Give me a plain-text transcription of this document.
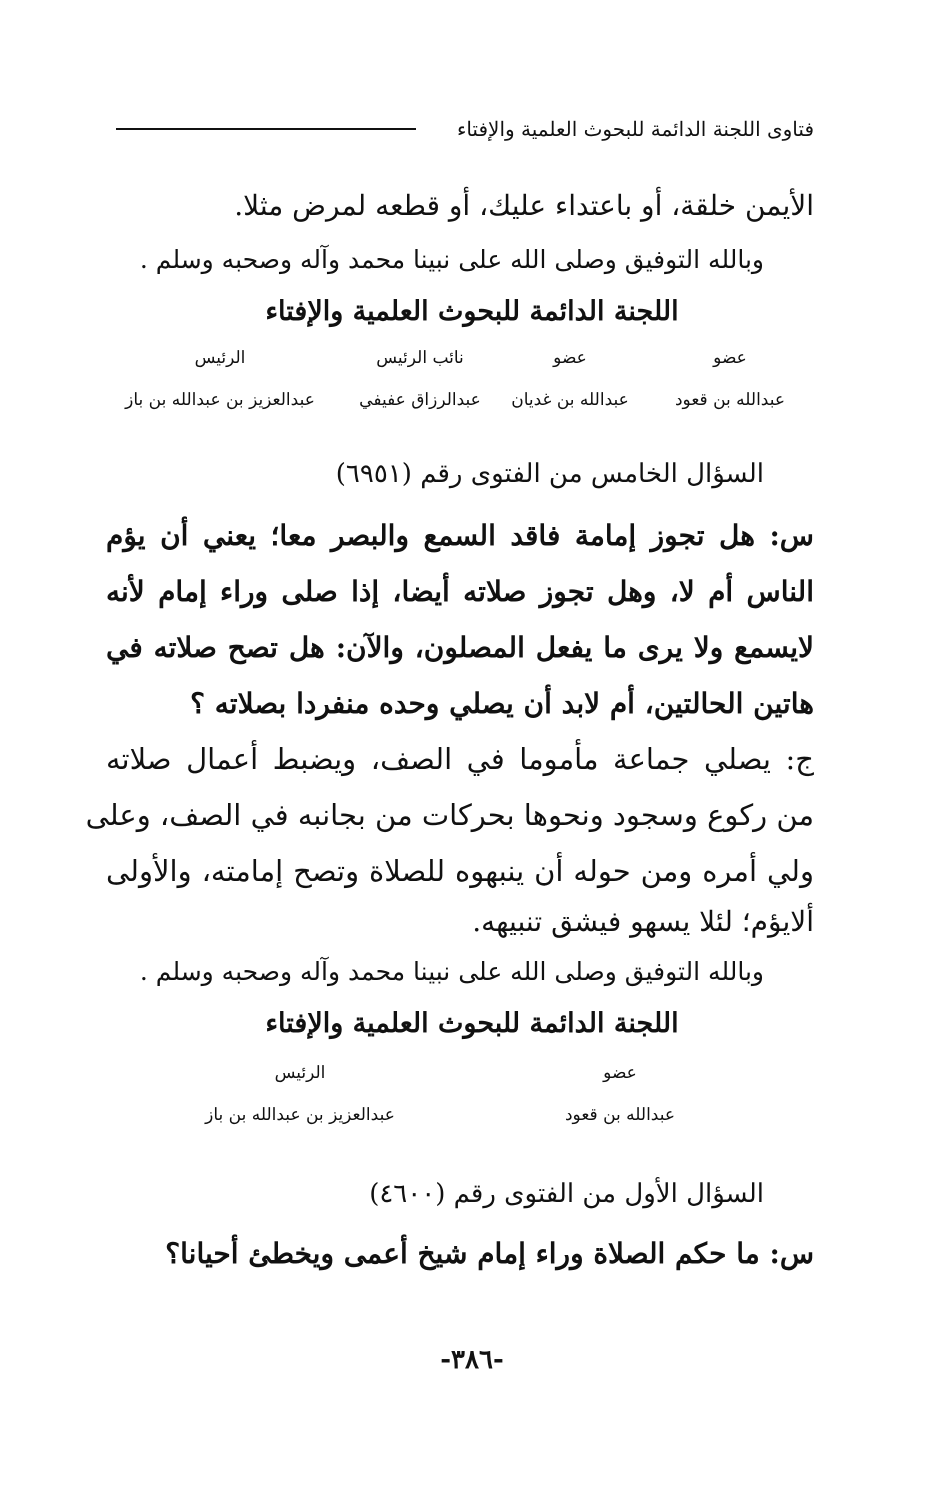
فتاوى اللجنة الدائمة للبحوث العلمية والإفتاء
الأيمن خلقة، أو باعتداء عليك، أو قطعه لمرض مثلا.
وبالله التوفيق وصلى الله على نبينا محمد وآله وصحبه وسلم .
اللجنة الدائمة للبحوث العلمية والإفتاء
عضو
عبدالله بن قعود
عضو
عبدالله بن غديان
نائب الرئيس
عبدالرزاق عفيفي
الرئيس
عبدالعزيز بن عبدالله بن باز
السؤال الخامس من الفتوى رقم (٦٩٥١)
س: هل تجوز إمامة فاقد السمع والبصر معا؛ يعني أن يؤم
الناس أم لا، وهل تجوز صلاته أيضا، إذا صلى وراء إمام لأنه
لايسمع ولا يرى ما يفعل المصلون، والآن: هل تصح صلاته في
هاتين الحالتين، أم لابد أن يصلي وحده منفردا بصلاته ؟
ج: يصلي جماعة مأموما في الصف، ويضبط أعمال صلاته
من ركوع وسجود ونحوها بحركات من بجانبه في الصف، وعلى
ولي أمره ومن حوله أن ينبهوه للصلاة وتصح إمامته، والأولى
ألايؤم؛ لئلا يسهو فيشق تنبيهه.
وبالله التوفيق وصلى الله على نبينا محمد وآله وصحبه وسلم .
اللجنة الدائمة للبحوث العلمية والإفتاء
عضو
عبدالله بن قعود
الرئيس
عبدالعزيز بن عبدالله بن باز
السؤال الأول من الفتوى رقم (٤٦٠٠)
س: ما حكم الصلاة وراء إمام شيخ أعمى ويخطئ أحيانا؟
-٣٨٦-
